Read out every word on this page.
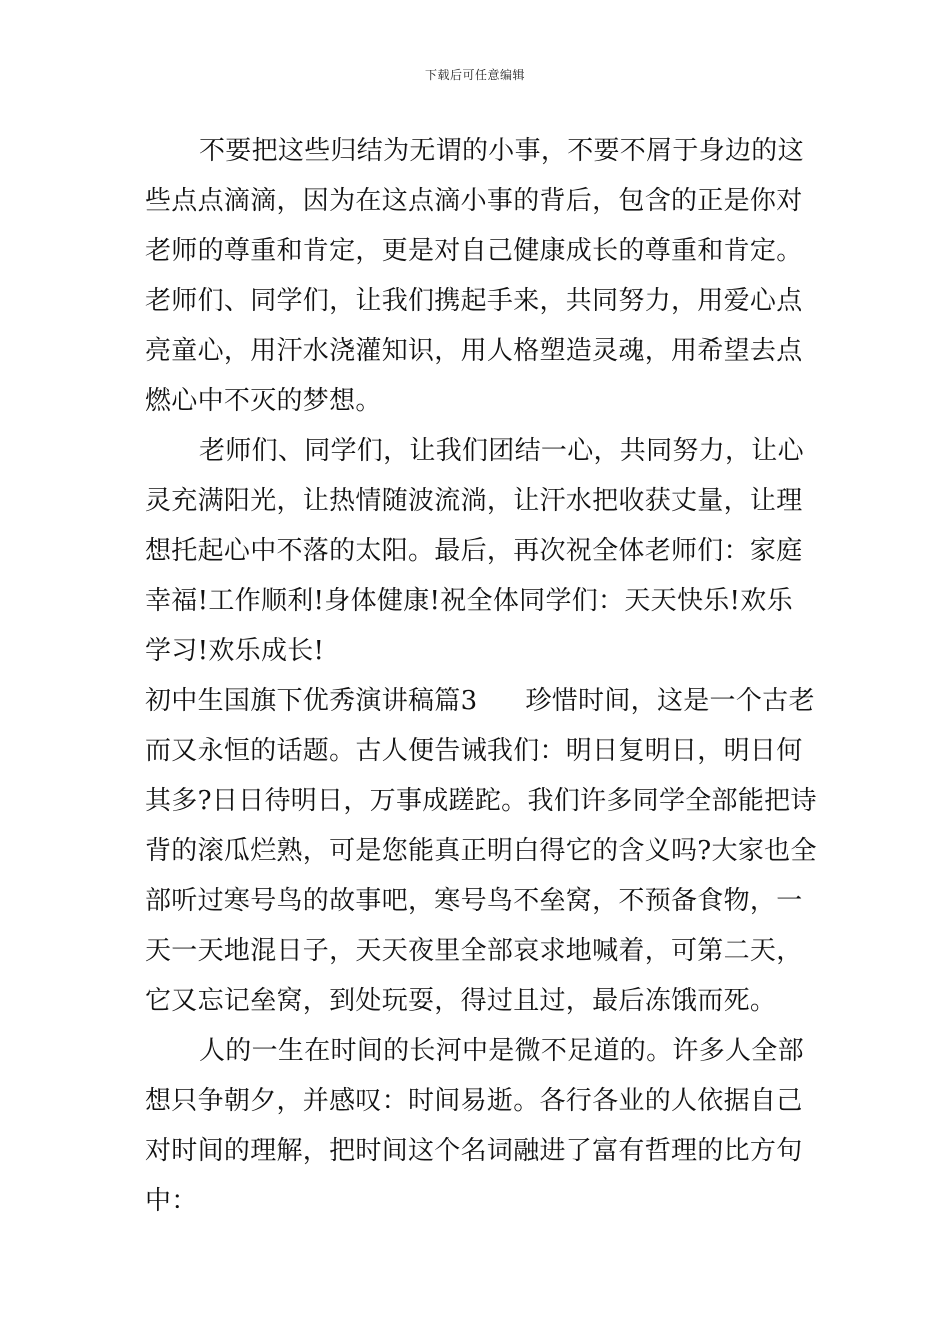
下载后可任意编辑
不要把这些归结为无谓的小事，不要不屑于身边的这
些点点滴滴，因为在这点滴小事的背后，包含的正是你对
老师的尊重和肯定，更是对自己健康成长的尊重和肯定。
老师们、同学们，让我们携起手来，共同努力，用爱心点
亮童心，用汗水浇灌知识，用人格塑造灵魂，用希望去点
燃心中不灭的梦想。
老师们、同学们，让我们团结一心，共同努力，让心
灵充满阳光，让热情随波流淌，让汗水把收获丈量，让理
想托起心中不落的太阳。最后，再次祝全体老师们：家庭
幸福!工作顺利!身体健康!祝全体同学们：天天快乐!欢乐
学习!欢乐成长!
初中生国旗下优秀演讲稿篇3 珍惜时间，这是一个古老
而又永恒的话题。古人便告诫我们：明日复明日，明日何
其多?日日待明日，万事成蹉跎。我们许多同学全部能把诗
背的滚瓜烂熟，可是您能真正明白得它的含义吗?大家也全
部听过寒号鸟的故事吧，寒号鸟不垒窝，不预备食物，一
天一天地混日子，天天夜里全部哀求地喊着，可第二天，
它又忘记垒窝，到处玩耍，得过且过，最后冻饿而死。
人的一生在时间的长河中是微不足道的。许多人全部
想只争朝夕，并感叹：时间易逝。各行各业的人依据自己
对时间的理解，把时间这个名词融进了富有哲理的比方句
中：
